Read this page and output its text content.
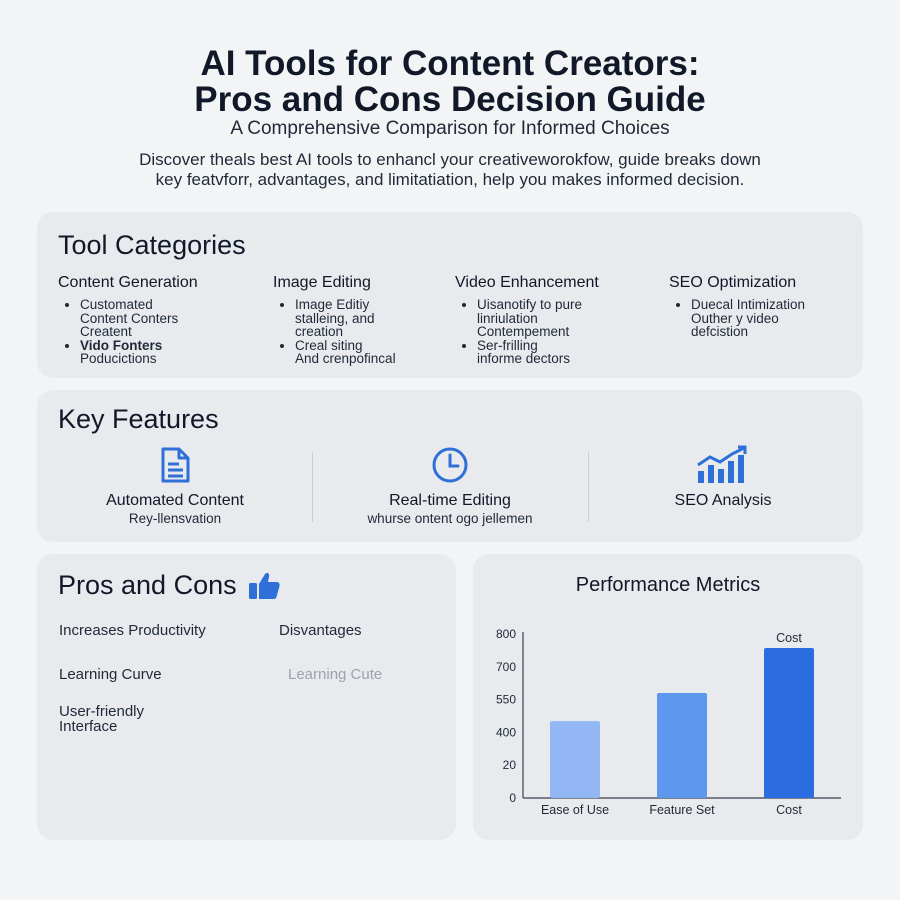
AI Tools for Content Creators:
Pros and Cons Decision Guide
A Comprehensive Comparison for Informed Choices
Discover theals best AI tools to enhancl your creativeworokfow, guide breaks down
key featvforr, advantages, and limitatiation, help you makes informed decision.
Tool Categories
Content Generation
• Customated
Content Conters
Creatent
• Vido Fonters
Poducictions
Image Editing
• Image Editiy
stalleing, and
creation
• Creal siting
And crenpofincal
Video Enhancement
• Uisanotify to pure
linriulation
Contempement
• Ser-frilling
informe dectors
SEO Optimization
• Duecal Intimization
Outher y video
defcistion
Key Features
Automated Content
Rey-llensvation
Real-time Editing
whurse ontent ogo jellemen
SEO Analysis
Pros and Cons
Increases Productivity	Disvantages
Learning Curve	Learning Cu͏te
User-friendly
Interface
Performance Metrics
0
20
400
550
700
800
Ease of Use	Feature Set	Cost
Cost
